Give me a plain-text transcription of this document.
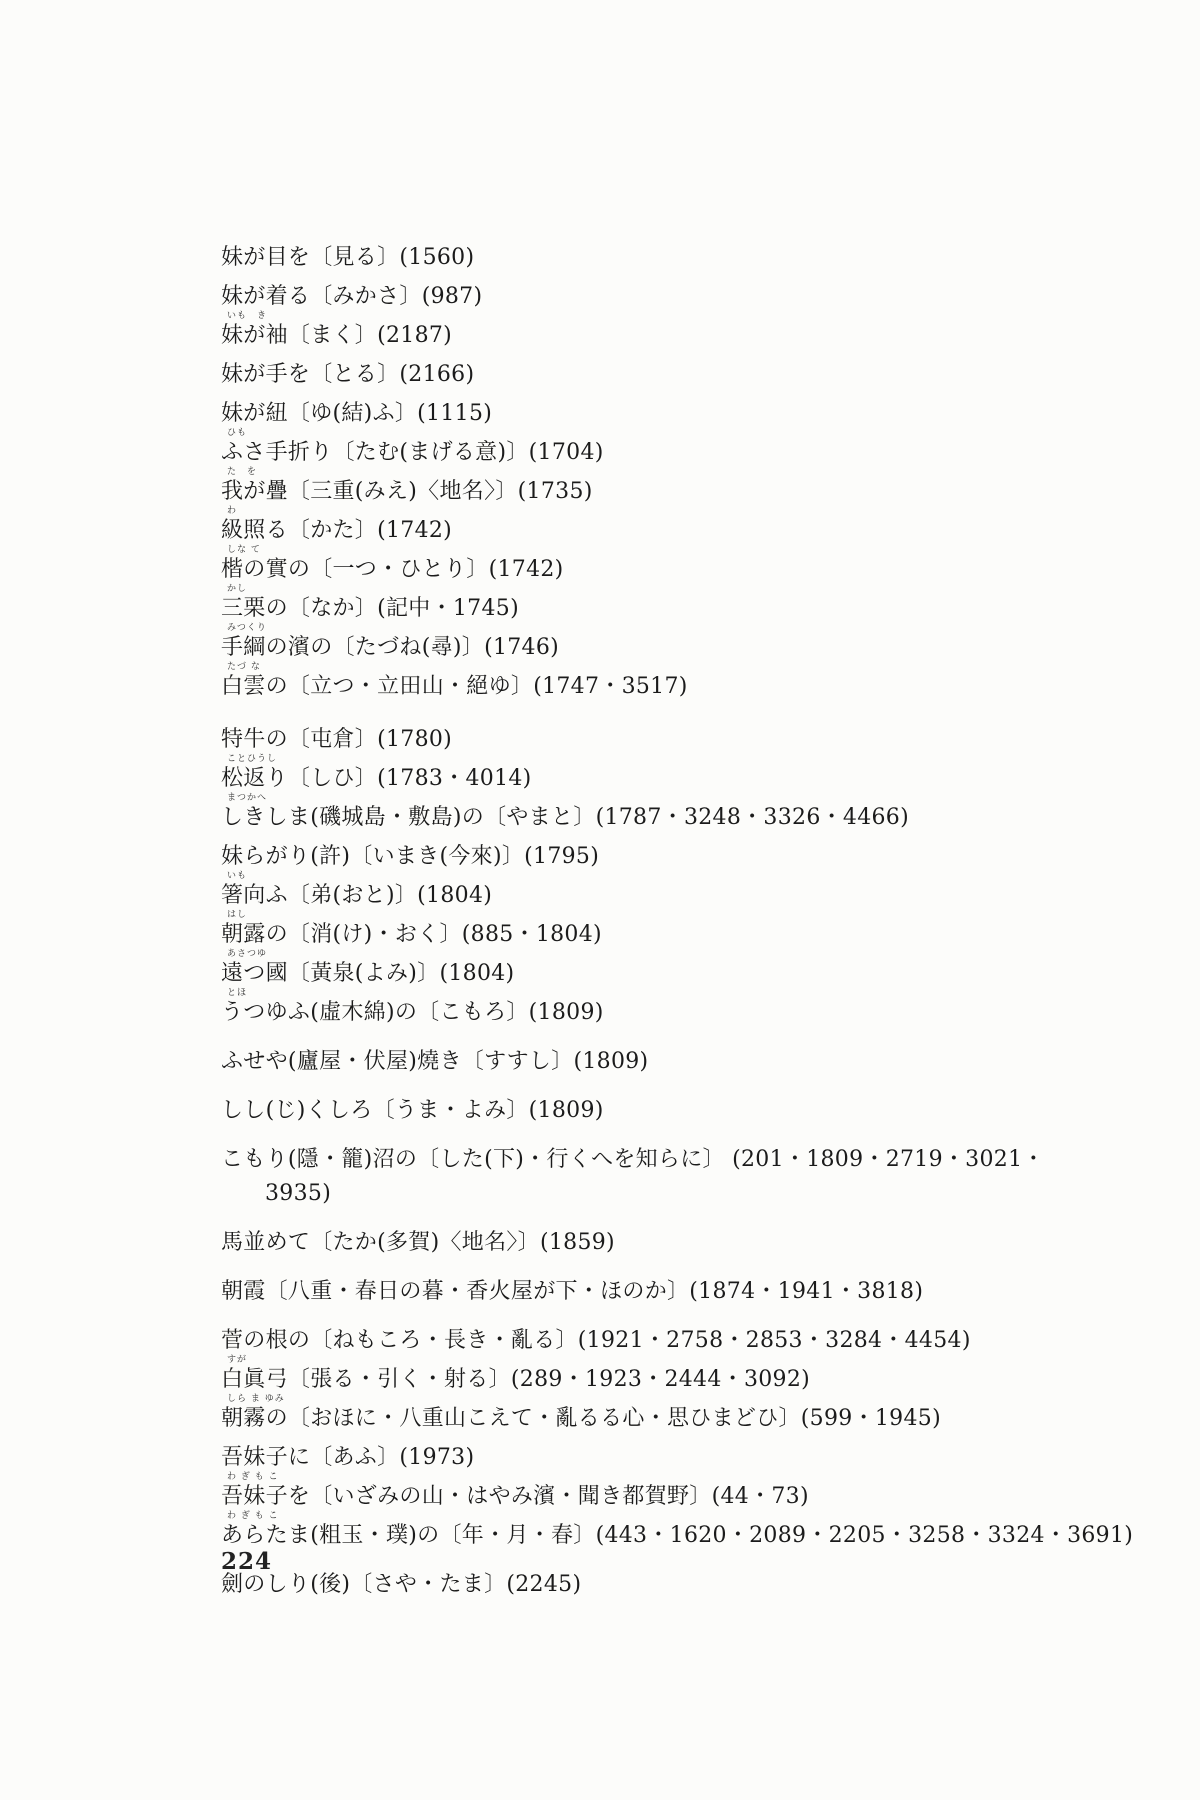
妹が目を〔見る〕(1560)
妹が着る〔みかさ〕(987)
いも　き
妹が袖〔まく〕(2187)
妹が手を〔とる〕(2166)
妹が紐〔ゆ(結)ふ〕(1115)
ひも
ふさ手折り〔たむ(まげる意)〕(1704)
た　を
我が疊〔三重(みえ)〈地名〉〕(1735)
わ
級照る〔かた〕(1742)
しな て
楷の實の〔一つ・ひとり〕(1742)
かし
三栗の〔なか〕(記中・1745)
みつくり
手綱の濱の〔たづね(尋)〕(1746)
たづ な
白雲の〔立つ・立田山・絕ゆ〕(1747・3517)
特牛の〔屯倉〕(1780)
ことひうし
松返り〔しひ〕(1783・4014)
まつかへ
しきしま(磯城島・敷島)の〔やまと〕(1787・3248・3326・4466)
妹らがり(許)〔いまき(今來)〕(1795)
いも
箸向ふ〔弟(おと)〕(1804)
はし
朝露の〔消(け)・おく〕(885・1804)
あさつゆ
遠つ國〔黃泉(よみ)〕(1804)
とほ
うつゆふ(虛木綿)の〔こもろ〕(1809)
ふせや(廬屋・伏屋)燒き〔すすし〕(1809)
しし(じ)くしろ〔うま・よみ〕(1809)
こもり(隱・籠)沼の〔した(下)・行くへを知らに〕 (201・1809・2719・3021・
3935)
馬並めて〔たか(多賀)〈地名〉〕(1859)
朝霞〔八重・春日の暮・香火屋が下・ほのか〕(1874・1941・3818)
菅の根の〔ねもころ・長き・亂る〕(1921・2758・2853・3284・4454)
すが
白眞弓〔張る・引く・射る〕(289・1923・2444・3092)
しら ま ゆみ
朝霧の〔おほに・八重山こえて・亂るる心・思ひまどひ〕(599・1945)
吾妹子に〔あふ〕(1973)
わ ぎ も こ
吾妹子を〔いざみの山・はやみ濱・聞き都賀野〕(44・73)
わ ぎ も こ
あらたま(粗玉・璞)の〔年・月・春〕(443・1620・2089・2205・3258・3324・3691)
劍のしり(後)〔さや・たま〕(2245)
224
